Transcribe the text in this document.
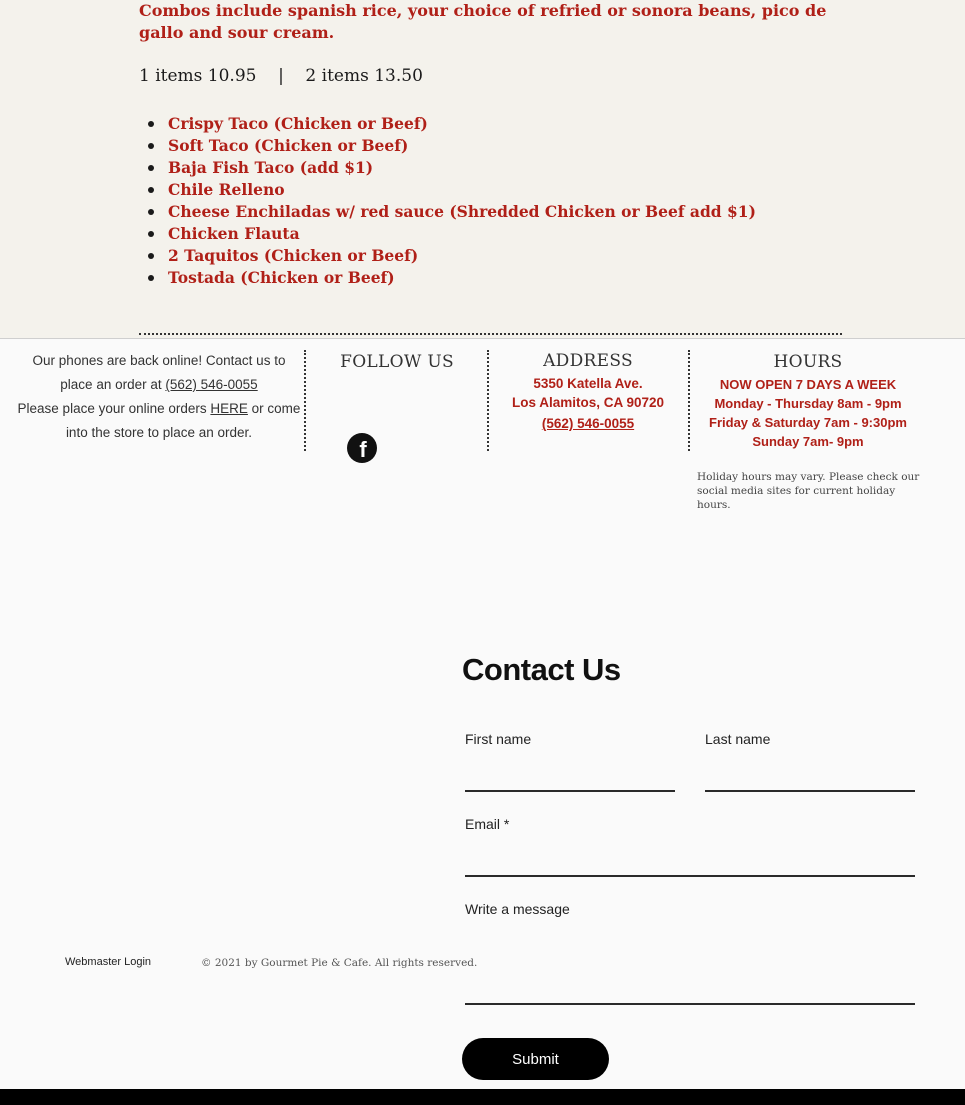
Combos include spanish rice, your choice of refried or sonora beans, pico de gallo and sour cream.
1 items 10.95    |    2 items 13.50
Crispy Taco (Chicken or Beef)
Soft Taco (Chicken or Beef)
Baja Fish Taco (add $1)
Chile Relleno
Cheese Enchiladas w/ red sauce (Shredded Chicken or Beef add $1)
Chicken Flauta
2 Taquitos (Chicken or Beef)
Tostada (Chicken or Beef)
Our phones are back online! Contact us to
place an order at (562) 546-0055
Please place your online orders HERE or come
into the store to place an order.
FOLLOW US
f
ADDRESS
5350 Katella Ave.
Los Alamitos, CA 90720
(562) 546-0055
HOURS
NOW OPEN 7 DAYS A WEEK
Monday - Thursday 8am - 9pm
Friday & Saturday 7am - 9:30pm
Sunday 7am- 9pm
Holiday hours may vary. Please check our social media sites for current holiday hours.
Contact Us
First name	Last name
Email *
Write a message
Submit
Webmaster Login	© 2021 by Gourmet Pie & Cafe. All rights reserved.
